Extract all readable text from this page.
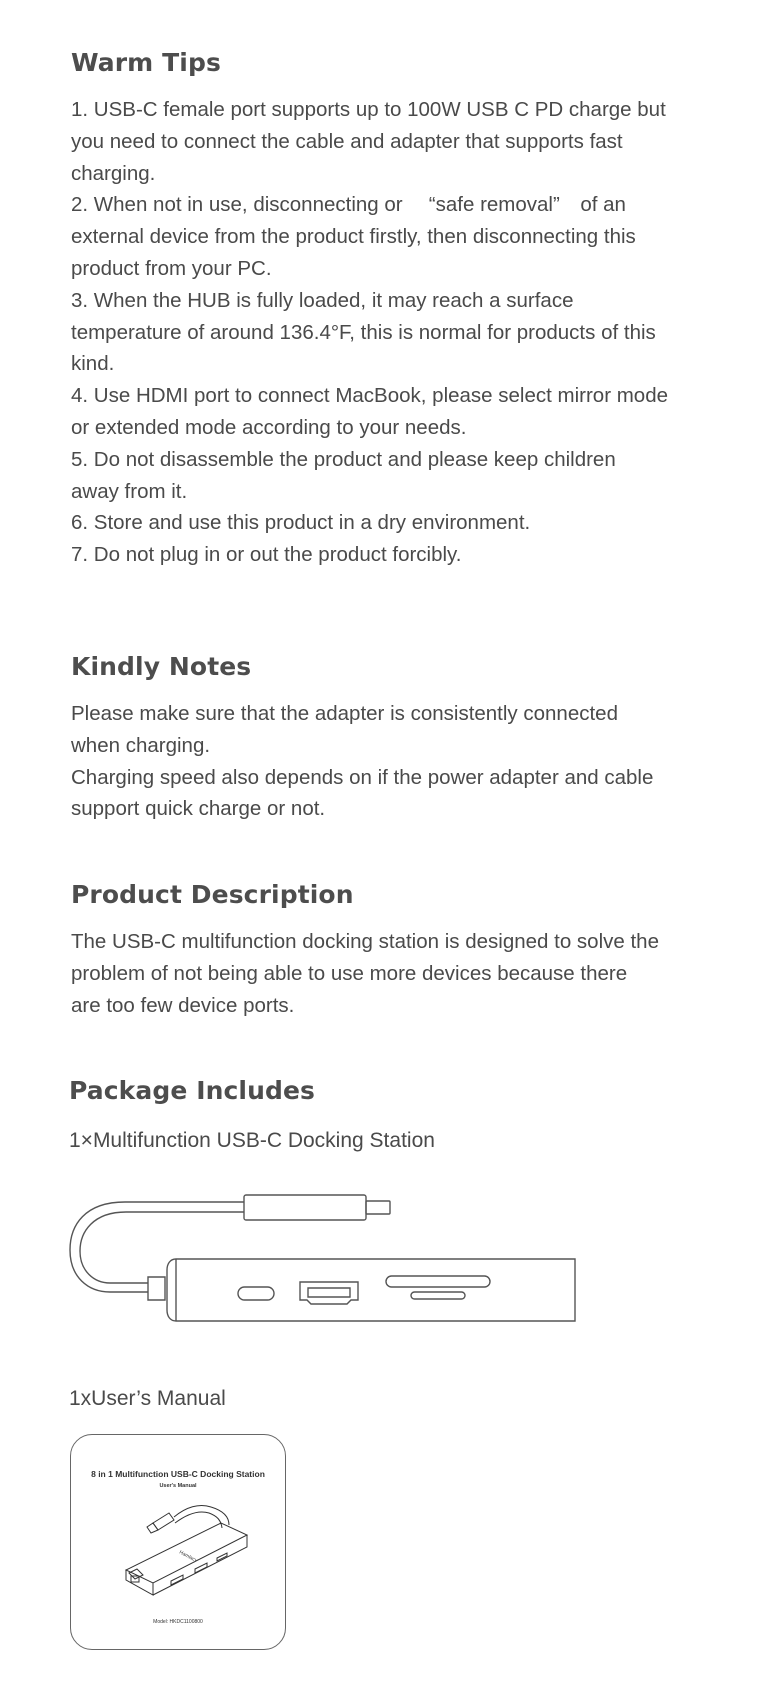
Warm Tips
1. USB-C female port supports up to 100W USB C PD charge but
you need to connect the cable and adapter that supports fast
charging.
2. When not in use, disconnecting or 　“safe removal”　of an
external device from the product firstly, then disconnecting this
product from your PC.
3. When the HUB is fully loaded, it may reach a surface
temperature of around 136.4°F, this is normal for products of this
kind.
4. Use HDMI port to connect MacBook, please select mirror mode
or extended mode according to your needs.
5. Do not disassemble the product and please keep children
away from it.
6. Store and use this product in a dry environment.
7. Do not plug in or out the product forcibly.
Kindly Notes
Please make sure that the adapter is consistently connected
when charging.
Charging speed also depends on if the power adapter and cable
support quick charge or not.
Product Description
The USB-C multifunction docking station is designed to solve the
problem of not being able to use more devices because there
are too few device ports.
Package Includes
1×Multifunction USB-C Docking Station
1xUser’s Manual
8 in 1 Multifunction USB-C Docking Station
User's Manual
Hamlacy
Model: HKDC1100800
